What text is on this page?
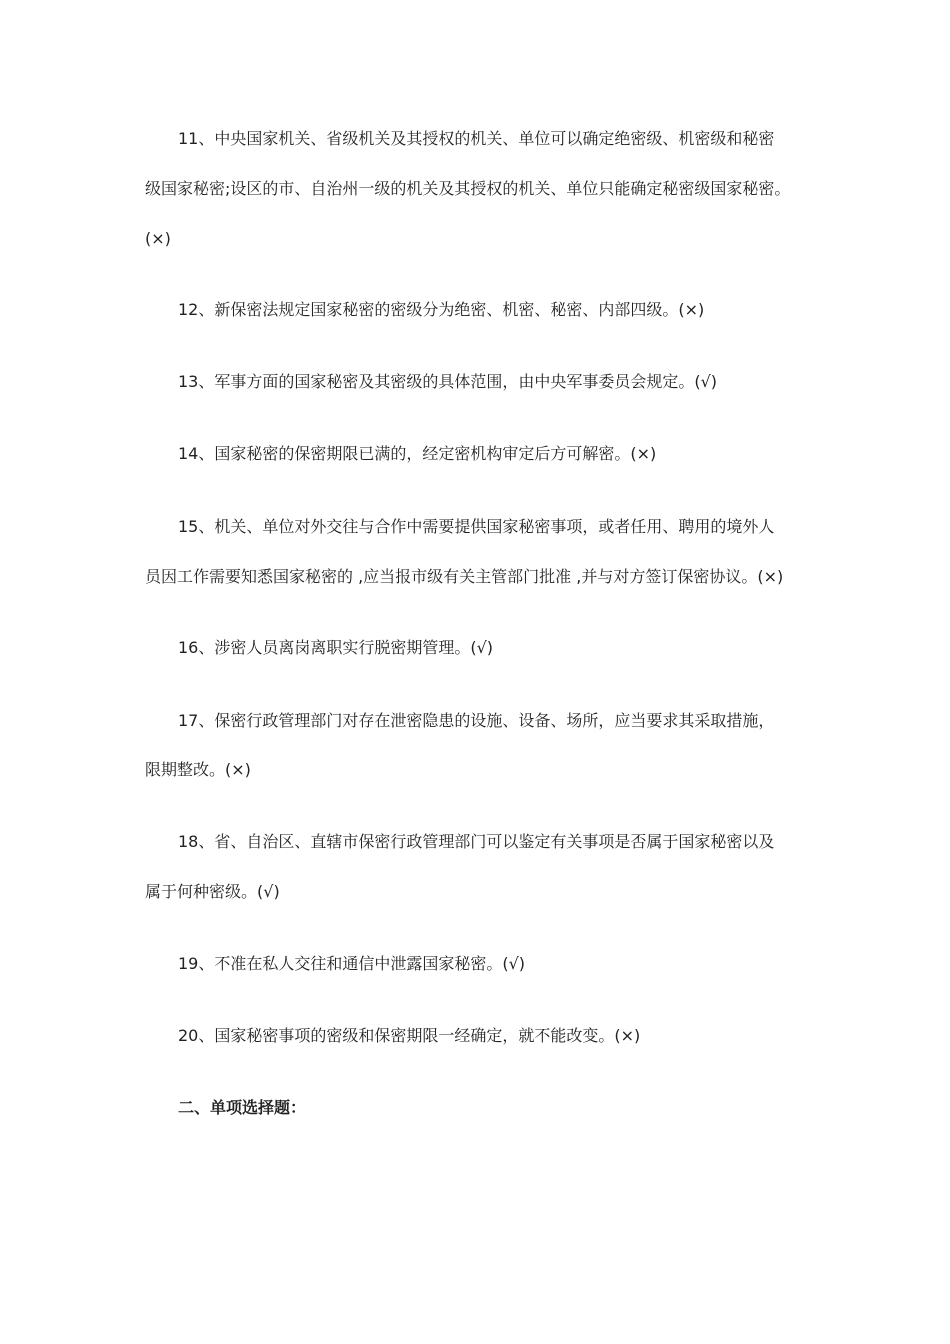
11、中央国家机关、省级机关及其授权的机关、单位可以确定绝密级、机密级和秘密
级国家秘密;设区的市、自治州一级的机关及其授权的机关、单位只能确定秘密级国家秘密。
(×)
12、新保密法规定国家秘密的密级分为绝密、机密、秘密、内部四级。(×)
13、军事方面的国家秘密及其密级的具体范围，由中央军事委员会规定。(√)
14、国家秘密的保密期限已满的，经定密机构审定后方可解密。(×)
15、机关、单位对外交往与合作中需要提供国家秘密事项，或者任用、聘用的境外人
员因工作需要知悉国家秘密的 ,应当报市级有关主管部门批准 ,并与对方签订保密协议。(×)
16、涉密人员离岗离职实行脱密期管理。(√)
17、保密行政管理部门对存在泄密隐患的设施、设备、场所，应当要求其采取措施，
限期整改。(×)
18、省、自治区、直辖市保密行政管理部门可以鉴定有关事项是否属于国家秘密以及
属于何种密级。(√)
19、不准在私人交往和通信中泄露国家秘密。(√)
20、国家秘密事项的密级和保密期限一经确定，就不能改变。(×)
二、单项选择题：
